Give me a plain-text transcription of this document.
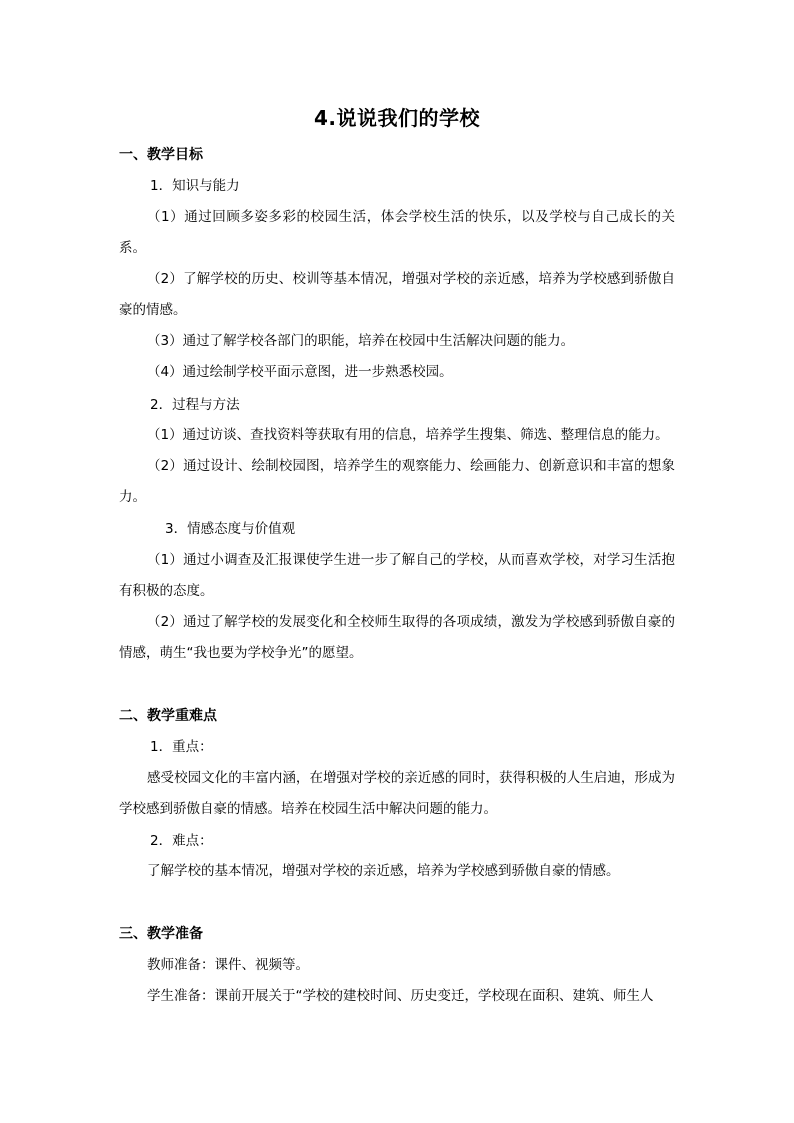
4.说说我们的学校
一、教学目标
1．知识与能力
（1）通过回顾多姿多彩的校园生活，体会学校生活的快乐，以及学校与自己成长的关系。
（2）了解学校的历史、校训等基本情况，增强对学校的亲近感，培养为学校感到骄傲自豪的情感。
（3）通过了解学校各部门的职能，培养在校园中生活解决问题的能力。
（4）通过绘制学校平面示意图，进一步熟悉校园。
2．过程与方法
（1）通过访谈、查找资料等获取有用的信息，培养学生搜集、筛选、整理信息的能力。
（2）通过设计、绘制校园图，培养学生的观察能力、绘画能力、创新意识和丰富的想象力。
3．情感态度与价值观
（1）通过小调查及汇报课使学生进一步了解自己的学校，从而喜欢学校，对学习生活抱有积极的态度。
（2）通过了解学校的发展变化和全校师生取得的各项成绩，激发为学校感到骄傲自豪的情感，萌生“我也要为学校争光”的愿望。
二、教学重难点
1．重点：
感受校园文化的丰富内涵，在增强对学校的亲近感的同时，获得积极的人生启迪，形成为学校感到骄傲自豪的情感。培养在校园生活中解决问题的能力。
2．难点：
了解学校的基本情况，增强对学校的亲近感，培养为学校感到骄傲自豪的情感。
三、教学准备
教师准备：课件、视频等。
学生准备：课前开展关于“学校的建校时间、历史变迁，学校现在面积、建筑、师生人
